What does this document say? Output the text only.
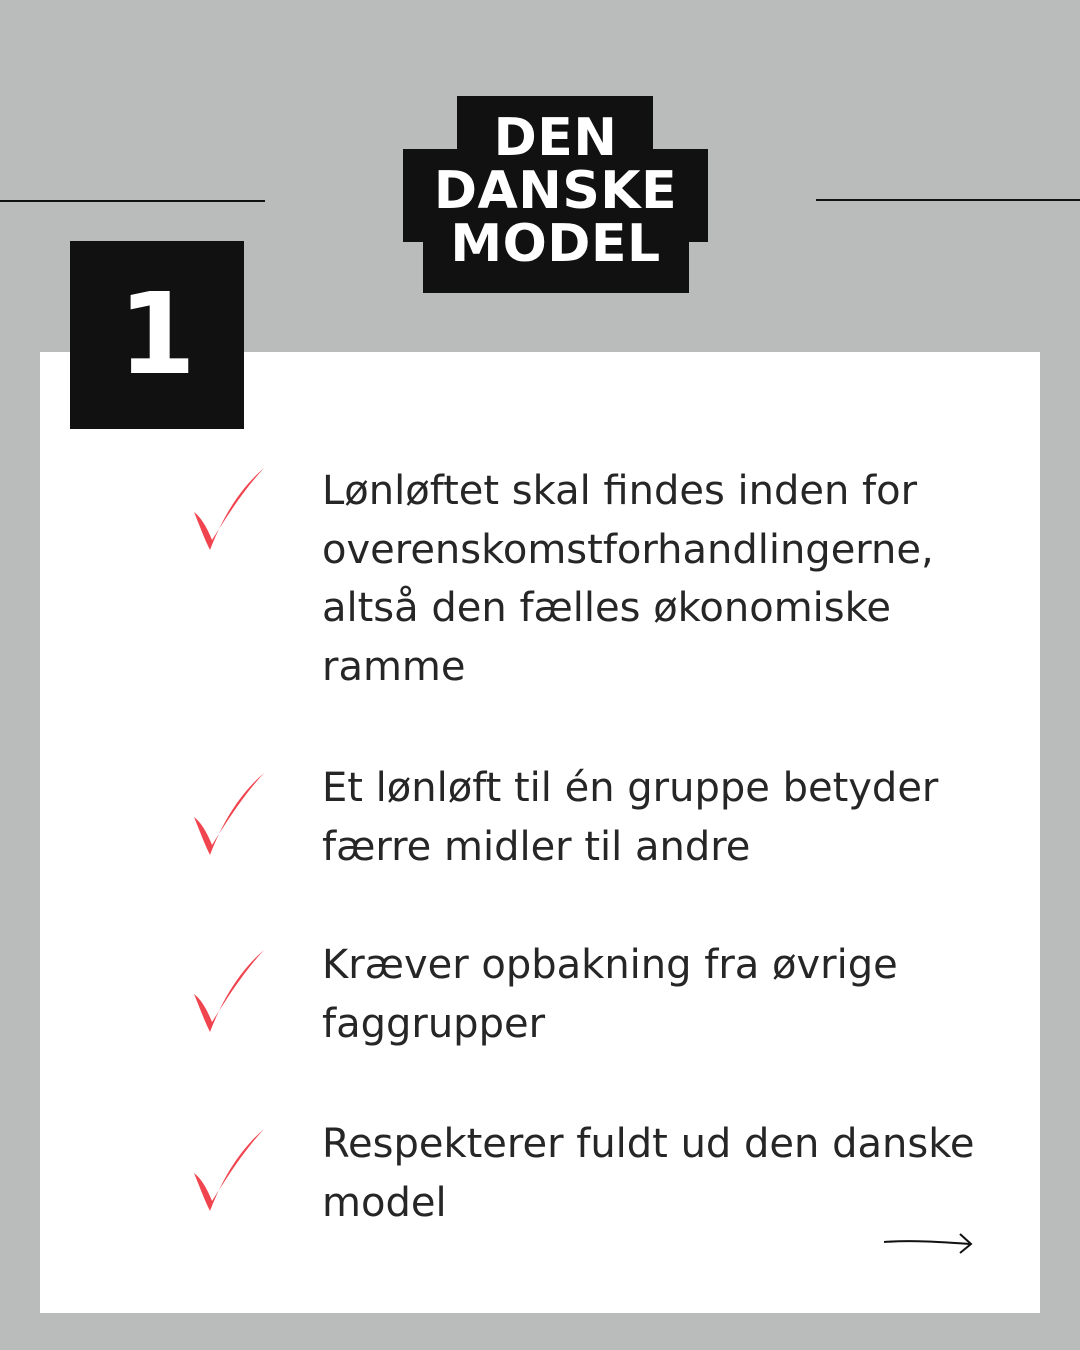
DEN
DANSKE
MODEL
1

Lønløftet skal findes inden for overenskomstforhandlingerne, altså den fælles økonomiske ramme

Et lønløft til én gruppe betyder færre midler til andre

Kræver opbakning fra øvrige faggrupper

Respekterer fuldt ud den danske model
